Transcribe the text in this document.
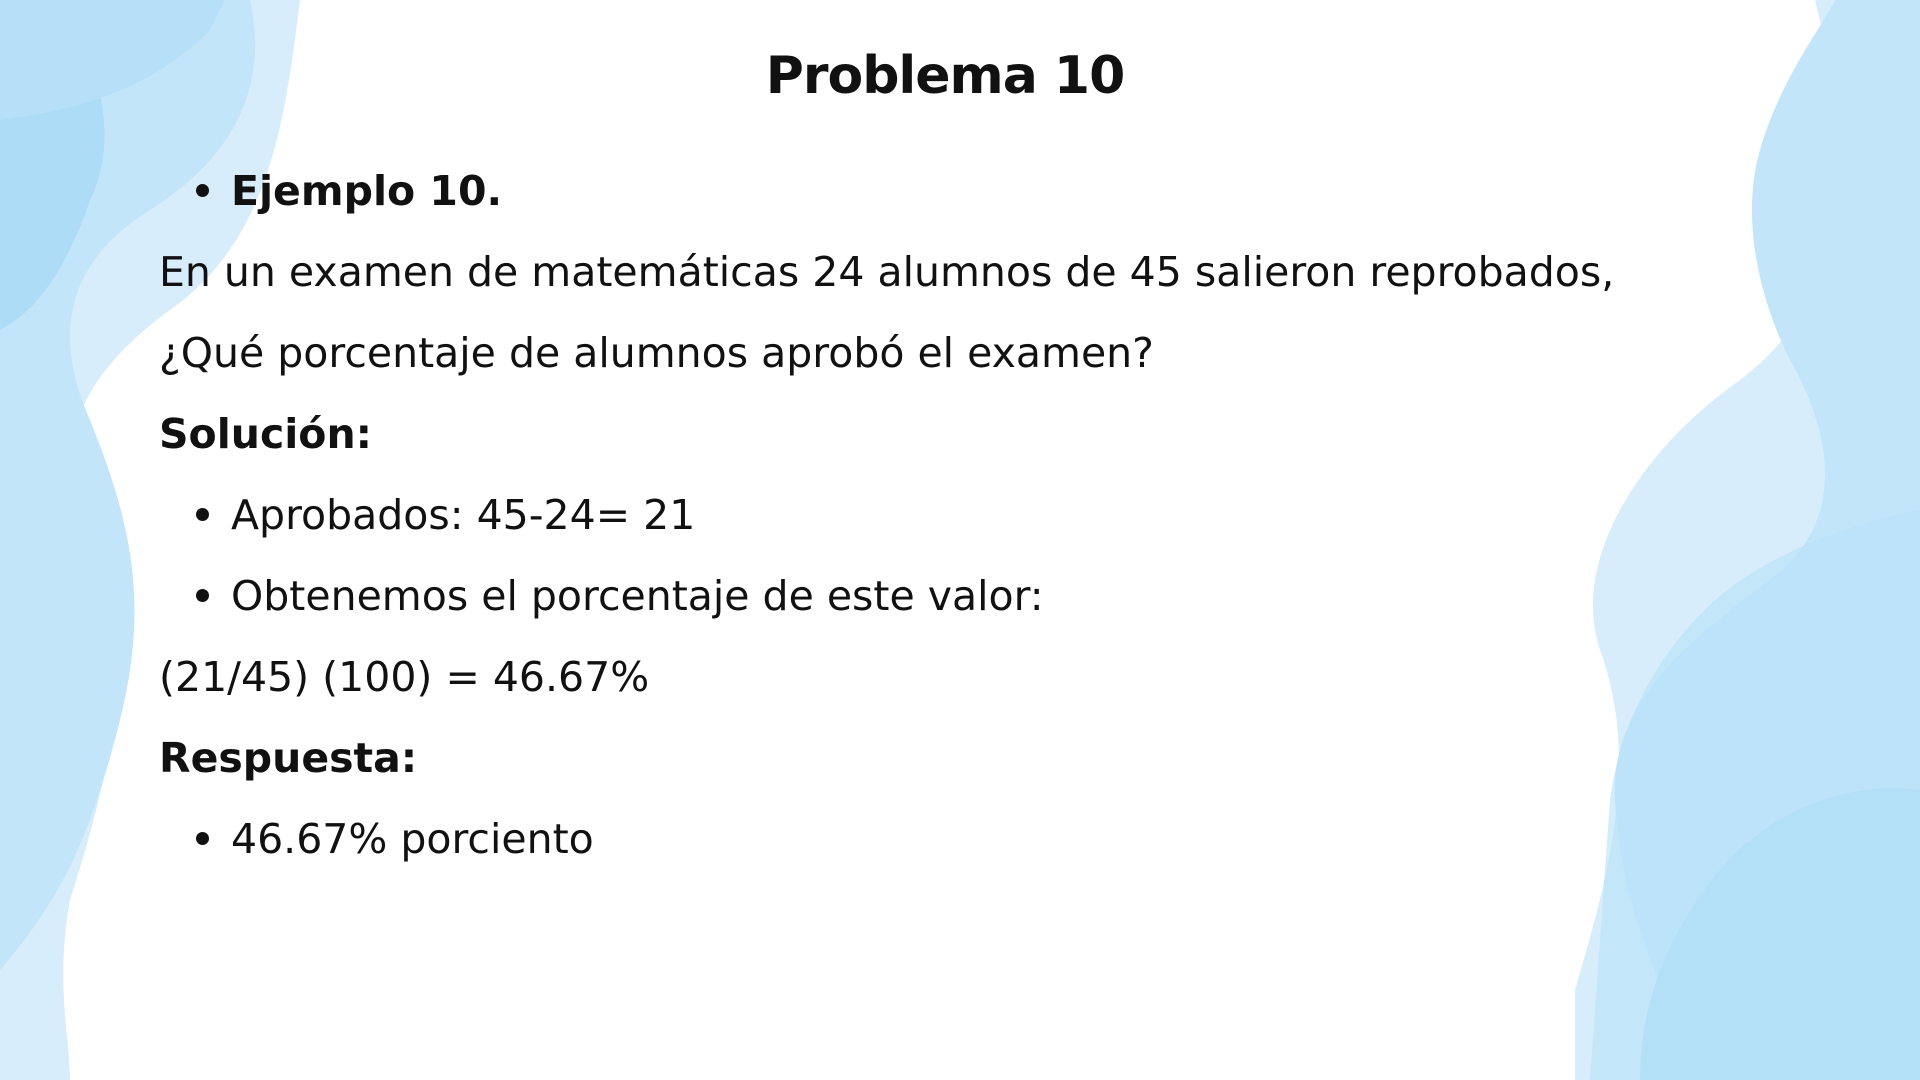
Problema 10
Ejemplo 10.
En un examen de matemáticas 24 alumnos de 45 salieron reprobados,
¿Qué porcentaje de alumnos aprobó el examen?
Solución:
Aprobados: 45-24= 21
Obtenemos el porcentaje de este valor:
(21/45) (100) = 46.67%
Respuesta:
46.67% porciento
